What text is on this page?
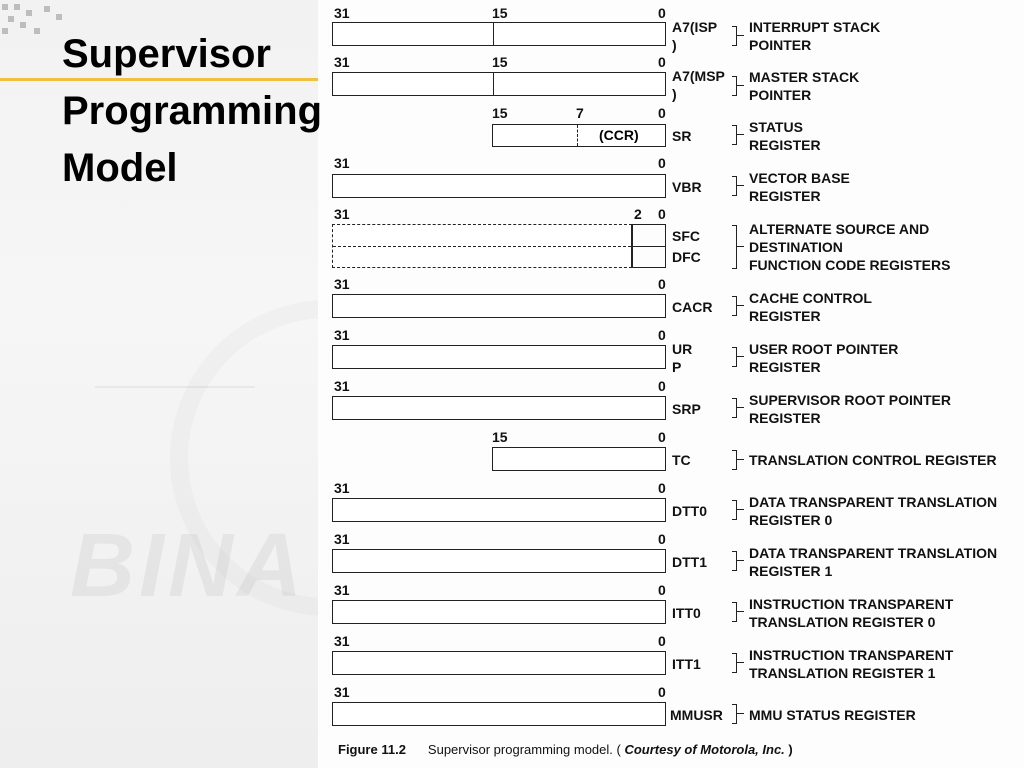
BINA
Supervisor
Programming
Model
31	15	0
A7(ISP
)
INTERRUPT STACK
POINTER
31	15	0
A7(MSP
)
MASTER STACK
POINTER
15	7	0
(CCR) SR
STATUS
REGISTER
31	0
VBR
VECTOR BASE
REGISTER
31	2 0
SFC
DFC
ALTERNATE SOURCE AND
DESTINATION
FUNCTION CODE REGISTERS
31	0
CACR
CACHE CONTROL
REGISTER
31	0
UR
P
USER ROOT POINTER
REGISTER
31	0
SRP
SUPERVISOR ROOT POINTER
REGISTER
15	0
TC	TRANSLATION CONTROL REGISTER
31	0
DTT0
DATA TRANSPARENT TRANSLATION
REGISTER 0
31	0
DTT1
DATA TRANSPARENT TRANSLATION
REGISTER 1
31	0
ITT0
INSTRUCTION TRANSPARENT
TRANSLATION REGISTER 0
31	0
ITT1
INSTRUCTION TRANSPARENT
TRANSLATION REGISTER 1
31	0
MMUSR MMU STATUS REGISTER
Figure 11.2 Supervisor programming model. ( Courtesy of Motorola, Inc. )
